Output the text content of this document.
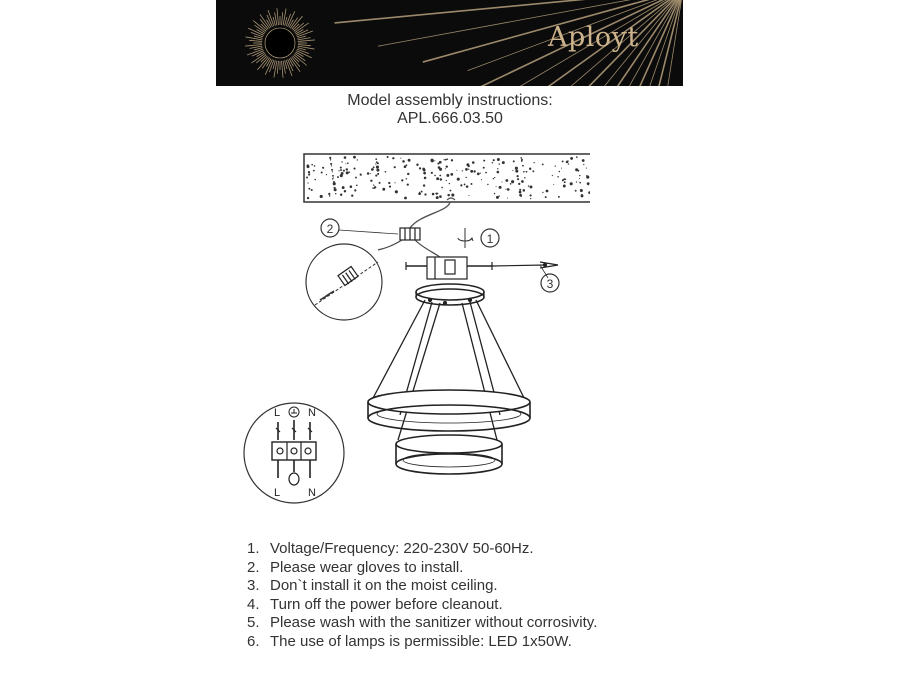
Aployt
Model assembly instructions:
APL.666.03.50
2
1
3
L	N
L	N
1. Voltage/Frequency: 220-230V 50-60Hz.
2. Please wear gloves to install.
3. Don`t install it on the moist ceiling.
4. Turn off the power before cleanout.
5. Please wash with the sanitizer without corrosivity.
6. The use of lamps is permissible: LED 1x50W.
